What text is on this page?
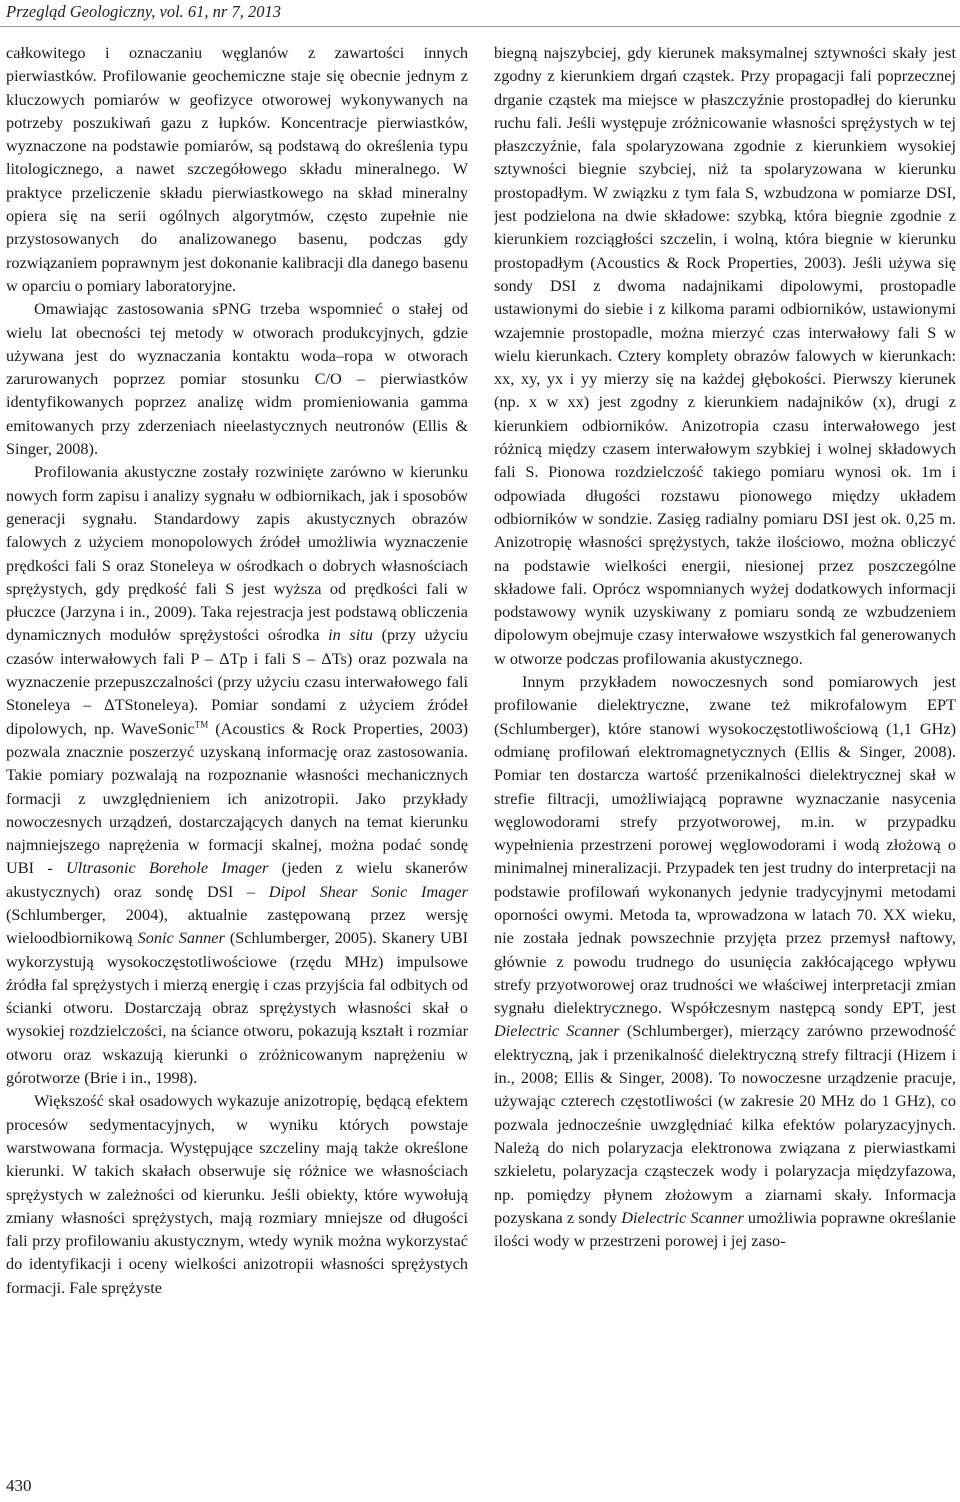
Przegląd Geologiczny, vol. 61, nr 7, 2013

całkowitego i oznaczaniu węglanów z zawartości innych pierwiastków. Profilowanie geochemiczne staje się obecnie jednym z kluczowych pomiarów w geofizyce otworowej wykonywanych na potrzeby poszukiwań gazu z łupków. Koncentracje pierwiastków, wyznaczone na podstawie pomiarów, są podstawą do określenia typu litologicznego, a nawet szczegółowego składu mineralnego. W praktyce przeliczenie składu pierwiastkowego na skład mineralny opiera się na serii ogólnych algorytmów, często zupełnie nie przystosowanych do analizowanego basenu, podczas gdy rozwiązaniem poprawnym jest dokonanie kalibracji dla danego basenu w oparciu o pomiary laboratoryjne.

Omawiając zastosowania sPNG trzeba wspomnieć o stałej od wielu lat obecności tej metody w otworach produkcyjnych, gdzie używana jest do wyznaczania kontaktu woda–ropa w otworach zarurowanych poprzez pomiar stosunku C/O – pierwiastków identyfikowanych poprzez analizę widm promieniowania gamma emitowanych przy zderzeniach nieelastycznych neutronów (Ellis & Singer, 2008).

Profilowania akustyczne zostały rozwinięte zarówno w kierunku nowych form zapisu i analizy sygnału w odbiornikach, jak i sposobów generacji sygnału. Standardowy zapis akustycznych obrazów falowych z użyciem monopolowych źródeł umożliwia wyznaczenie prędkości fali S oraz Stoneleya w ośrodkach o dobrych własnościach sprężystych, gdy prędkość fali S jest wyższa od prędkości fali w płuczce (Jarzyna i in., 2009). Taka rejestracja jest podstawą obliczenia dynamicznych modułów sprężystości ośrodka in situ (przy użyciu czasów interwałowych fali P – ΔTp i fali S – ΔTs) oraz pozwala na wyznaczenie przepuszczalności (przy użyciu czasu interwałowego fali Stoneleya – ΔTStoneleya). Pomiar sondami z użyciem źródeł dipolowych, np. WaveSonic™ (Acoustics & Rock Properties, 2003) pozwala znacznie poszerzyć uzyskaną informację oraz zastosowania. Takie pomiary pozwalają na rozpoznanie własności mechanicznych formacji z uwzględnieniem ich anizotropii. Jako przykłady nowoczesnych urządzeń, dostarczających danych na temat kierunku najmniejszego naprężenia w formacji skalnej, można podać sondę UBI - Ultrasonic Borehole Imager (jeden z wielu skanerów akustycznych) oraz sondę DSI – Dipol Shear Sonic Imager (Schlumberger, 2004), aktualnie zastępowaną przez wersję wieloodbiornikową Sonic Sanner (Schlumberger, 2005). Skanery UBI wykorzystują wysokoczęstotliwościowe (rzędu MHz) impulsowe źródła fal sprężystych i mierzą energię i czas przyjścia fal odbitych od ścianki otworu. Dostarczają obraz sprężystych własności skał o wysokiej rozdzielczości, na ściance otworu, pokazują kształt i rozmiar otworu oraz wskazują kierunki o zróżnicowanym naprężeniu w górotworze (Brie i in., 1998).

Większość skał osadowych wykazuje anizotropię, będącą efektem procesów sedymentacyjnych, w wyniku których powstaje warstwowana formacja. Występujące szczeliny mają także określone kierunki. W takich skałach obserwuje się różnice we własnościach sprężystych w zależności od kierunku. Jeśli obiekty, które wywołują zmiany własności sprężystych, mają rozmiary mniejsze od długości fali przy profilowaniu akustycznym, wtedy wynik można wykorzystać do identyfikacji i oceny wielkości anizotropii własności sprężystych formacji. Fale sprężyste

biegną najszybciej, gdy kierunek maksymalnej sztywności skały jest zgodny z kierunkiem drgań cząstek. Przy propagacji fali poprzecznej drganie cząstek ma miejsce w płaszczyźnie prostopadłej do kierunku ruchu fali. Jeśli występuje zróżnicowanie własności sprężystych w tej płaszczyźnie, fala spolaryzowana zgodnie z kierunkiem wysokiej sztywności biegnie szybciej, niż ta spolaryzowana w kierunku prostopadłym. W związku z tym fala S, wzbudzona w pomiarze DSI, jest podzielona na dwie składowe: szybką, która biegnie zgodnie z kierunkiem rozciągłości szczelin, i wolną, która biegnie w kierunku prostopadłym (Acoustics & Rock Properties, 2003). Jeśli używa się sondy DSI z dwoma nadajnikami dipolowymi, prostopadle ustawionymi do siebie i z kilkoma parami odbiorników, ustawionymi wzajemnie prostopadle, można mierzyć czas interwałowy fali S w wielu kierunkach. Cztery komplety obrazów falowych w kierunkach: xx, xy, yx i yy mierzy się na każdej głębokości. Pierwszy kierunek (np. x w xx) jest zgodny z kierunkiem nadajników (x), drugi z kierunkiem odbiorników. Anizotropia czasu interwałowego jest różnicą między czasem interwałowym szybkiej i wolnej składowych fali S. Pionowa rozdzielczość takiego pomiaru wynosi ok. 1m i odpowiada długości rozstawu pionowego między układem odbiorników w sondzie. Zasięg radialny pomiaru DSI jest ok. 0,25 m. Anizotropię własności sprężystych, także ilościowo, można obliczyć na podstawie wielkości energii, niesionej przez poszczególne składowe fali. Oprócz wspomnianych wyżej dodatkowych informacji podstawowy wynik uzyskiwany z pomiaru sondą ze wzbudzeniem dipolowym obejmuje czasy interwałowe wszystkich fal generowanych w otworze podczas profilowania akustycznego.

Innym przykładem nowoczesnych sond pomiarowych jest profilowanie dielektryczne, zwane też mikrofalowym EPT (Schlumberger), które stanowi wysokoczęstotliwościową (1,1 GHz) odmianę profilowań elektromagnetycznych (Ellis & Singer, 2008). Pomiar ten dostarcza wartość przenikalności dielektrycznej skał w strefie filtracji, umożliwiającą poprawne wyznaczanie nasycenia węglowodorami strefy przyotworowej, m.in. w przypadku wypełnienia przestrzeni porowej węglowodorami i wodą złożową o minimalnej mineralizacji. Przypadek ten jest trudny do interpretacji na podstawie profilowań wykonanych jedynie tradycyjnymi metodami oporności owymi. Metoda ta, wprowadzona w latach 70. XX wieku, nie została jednak powszechnie przyjęta przez przemysł naftowy, głównie z powodu trudnego do usunięcia zakłócającego wpływu strefy przyotworowej oraz trudności we właściwej interpretacji zmian sygnału dielektrycznego. Współczesnym następcą sondy EPT, jest Dielectric Scanner (Schlumberger), mierzący zarówno przewodność elektryczną, jak i przenikalność dielektryczną strefy filtracji (Hizem i in., 2008; Ellis & Singer, 2008). To nowoczesne urządzenie pracuje, używając czterech częstotliwości (w zakresie 20 MHz do 1 GHz), co pozwala jednocześnie uwzględniać kilka efektów polaryzacyjnych. Należą do nich polaryzacja elektronowa związana z pierwiastkami szkieletu, polaryzacja cząsteczek wody i polaryzacja międzyfazowa, np. pomiędzy płynem złożowym a ziarnami skały. Informacja pozyskana z sondy Dielectric Scanner umożliwia poprawne określanie ilości wody w przestrzeni porowej i jej zaso-

430
